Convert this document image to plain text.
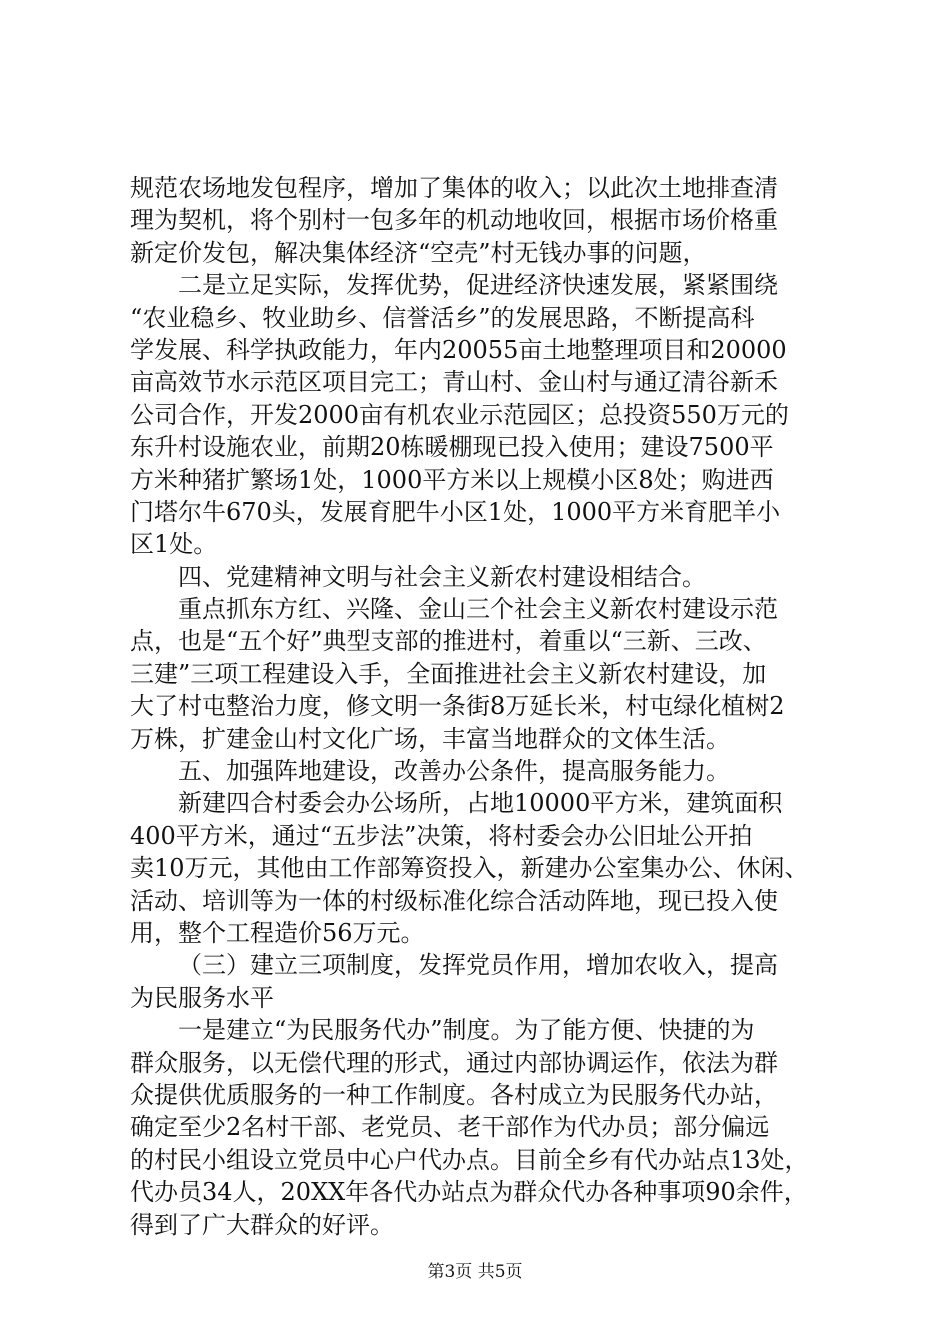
规范农场地发包程序，增加了集体的收入；以此次土地排查清
理为契机，将个别村一包多年的机动地收回，根据市场价格重
新定价发包，解决集体经济“空壳”村无钱办事的问题，
二是立足实际，发挥优势，促进经济快速发展，紧紧围绕
“农业稳乡、牧业助乡、信誉活乡”的发展思路，不断提高科
学发展、科学执政能力，年内20055亩土地整理项目和20000
亩高效节水示范区项目完工；青山村、金山村与通辽清谷新禾
公司合作，开发2000亩有机农业示范园区；总投资550万元的
东升村设施农业，前期20栋暖棚现已投入使用；建设7500平
方米种猪扩繁场1处，1000平方米以上规模小区8处；购进西
门塔尔牛670头，发展育肥牛小区1处，1000平方米育肥羊小
区1处。
四、党建精神文明与社会主义新农村建设相结合。
重点抓东方红、兴隆、金山三个社会主义新农村建设示范
点，也是“五个好”典型支部的推进村，着重以“三新、三改、
三建”三项工程建设入手，全面推进社会主义新农村建设，加
大了村屯整治力度，修文明一条街8万延长米，村屯绿化植树2
万株，扩建金山村文化广场，丰富当地群众的文体生活。
五、加强阵地建设，改善办公条件，提高服务能力。
新建四合村委会办公场所，占地10000平方米，建筑面积
400平方米，通过“五步法”决策，将村委会办公旧址公开拍
卖10万元，其他由工作部筹资投入，新建办公室集办公、休闲、
活动、培训等为一体的村级标准化综合活动阵地，现已投入使
用，整个工程造价56万元。
（三）建立三项制度，发挥党员作用，增加农收入，提高
为民服务水平
一是建立“为民服务代办”制度。为了能方便、快捷的为
群众服务，以无偿代理的形式，通过内部协调运作，依法为群
众提供优质服务的一种工作制度。各村成立为民服务代办站，
确定至少2名村干部、老党员、老干部作为代办员；部分偏远
的村民小组设立党员中心户代办点。目前全乡有代办站点13处，
代办员34人，20XX年各代办站点为群众代办各种事项90余件，
得到了广大群众的好评。
第3页 共5页
